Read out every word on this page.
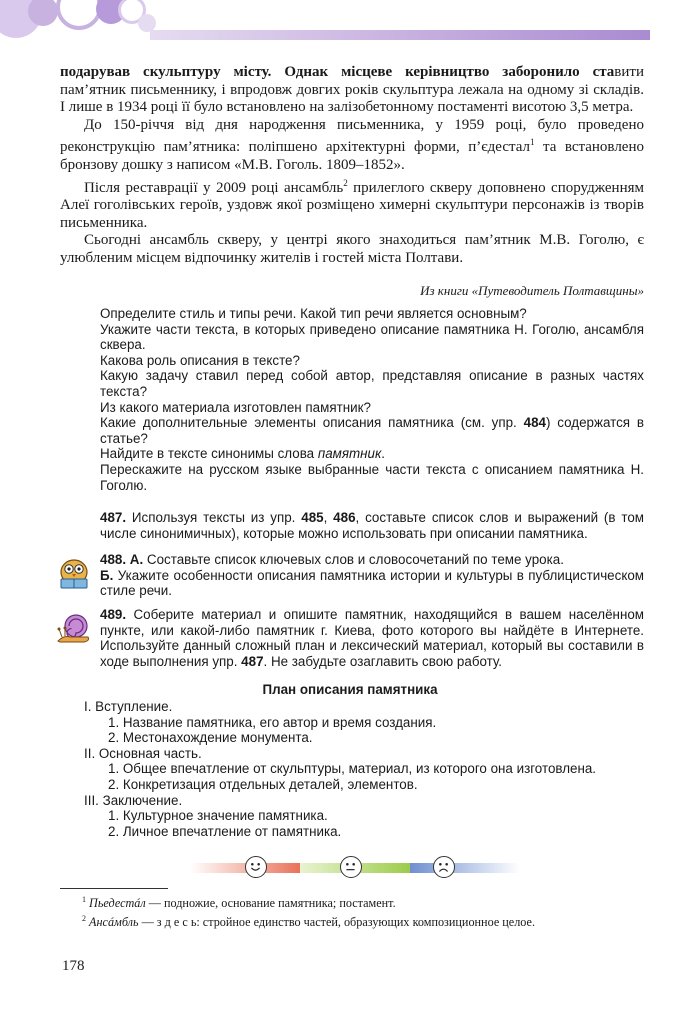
подарував скульптуру місту. Однак місцеве керівництво заборонило ставити пам’ятник письменнику, і впродовж довгих років скульптура лежала на одному зі складів. І лише в 1934 році її було встановлено на залізобетонному постаменті висотою 3,5 метра.

До 150-річчя від дня народження письменника, у 1959 році, було проведено реконструкцію пам’ятника: поліпшено архітектурні форми, п’єдестал$^1$ та встановлено бронзову дошку з написом «М.В. Гоголь. 1809–1852».

Після реставрації у 2009 році ансамбль$^2$ прилеглого скверу доповнено спорудженням Алеї гоголівських героїв, уздовж якої розміщено химерні скульптури персонажів із творів письменника.

Сьогодні ансамбль скверу, у центрі якого знаходиться пам’ятник М.В. Гоголю, є улюбленим місцем відпочинку жителів і гостей міста Полтави.

Из книги «Путеводитель Полтавщины»

Определите стиль и типы речи. Какой тип речи является основным?

Укажите части текста, в которых приведено описание памятника Н. Гоголю, ансамбля сквера.

Какова роль описания в тексте?

Какую задачу ставил перед собой автор, представляя описание в разных частях текста?

Из какого материала изготовлен памятник?

Какие дополнительные элементы описания памятника (см. упр. 484) содержатся в статье?

Найдите в тексте синонимы слова памятник.

Перескажите на русском языке выбранные части текста с описанием памятника Н. Гоголю.

487. Используя тексты из упр. 485, 486, составьте список слов и выражений (в том числе синонимичных), которые можно использовать при описании памятника.

488. А. Составьте список ключевых слов и словосочетаний по теме урока.

Б. Укажите особенности описания памятника истории и культуры в публицистическом стиле речи.

489. Соберите материал и опишите памятник, находящийся в вашем населённом пункте, или какой-либо памятник г. Киева, фото которого вы найдёте в Интернете. Используйте данный сложный план и лексический материал, который вы составили в ходе выполнения упр. 487. Не забудьте озаглавить свою работу.

План описания памятника
I. Вступление.
1. Название памятника, его автор и время создания.
2. Местонахождение монумента.
II. Основная часть.
1. Общее впечатление от скульптуры, материал, из которого она изготовлена.
2. Конкретизация отдельных деталей, элементов.
III. Заключение.
1. Культурное значение памятника.
2. Личное впечатление от памятника.

$^1$ Пьедестáл — подножие, основание памятника; постамент.

$^2$ Ансáмбль — з д е с ь: стройное единство частей, образующих композиционное целое.

178
